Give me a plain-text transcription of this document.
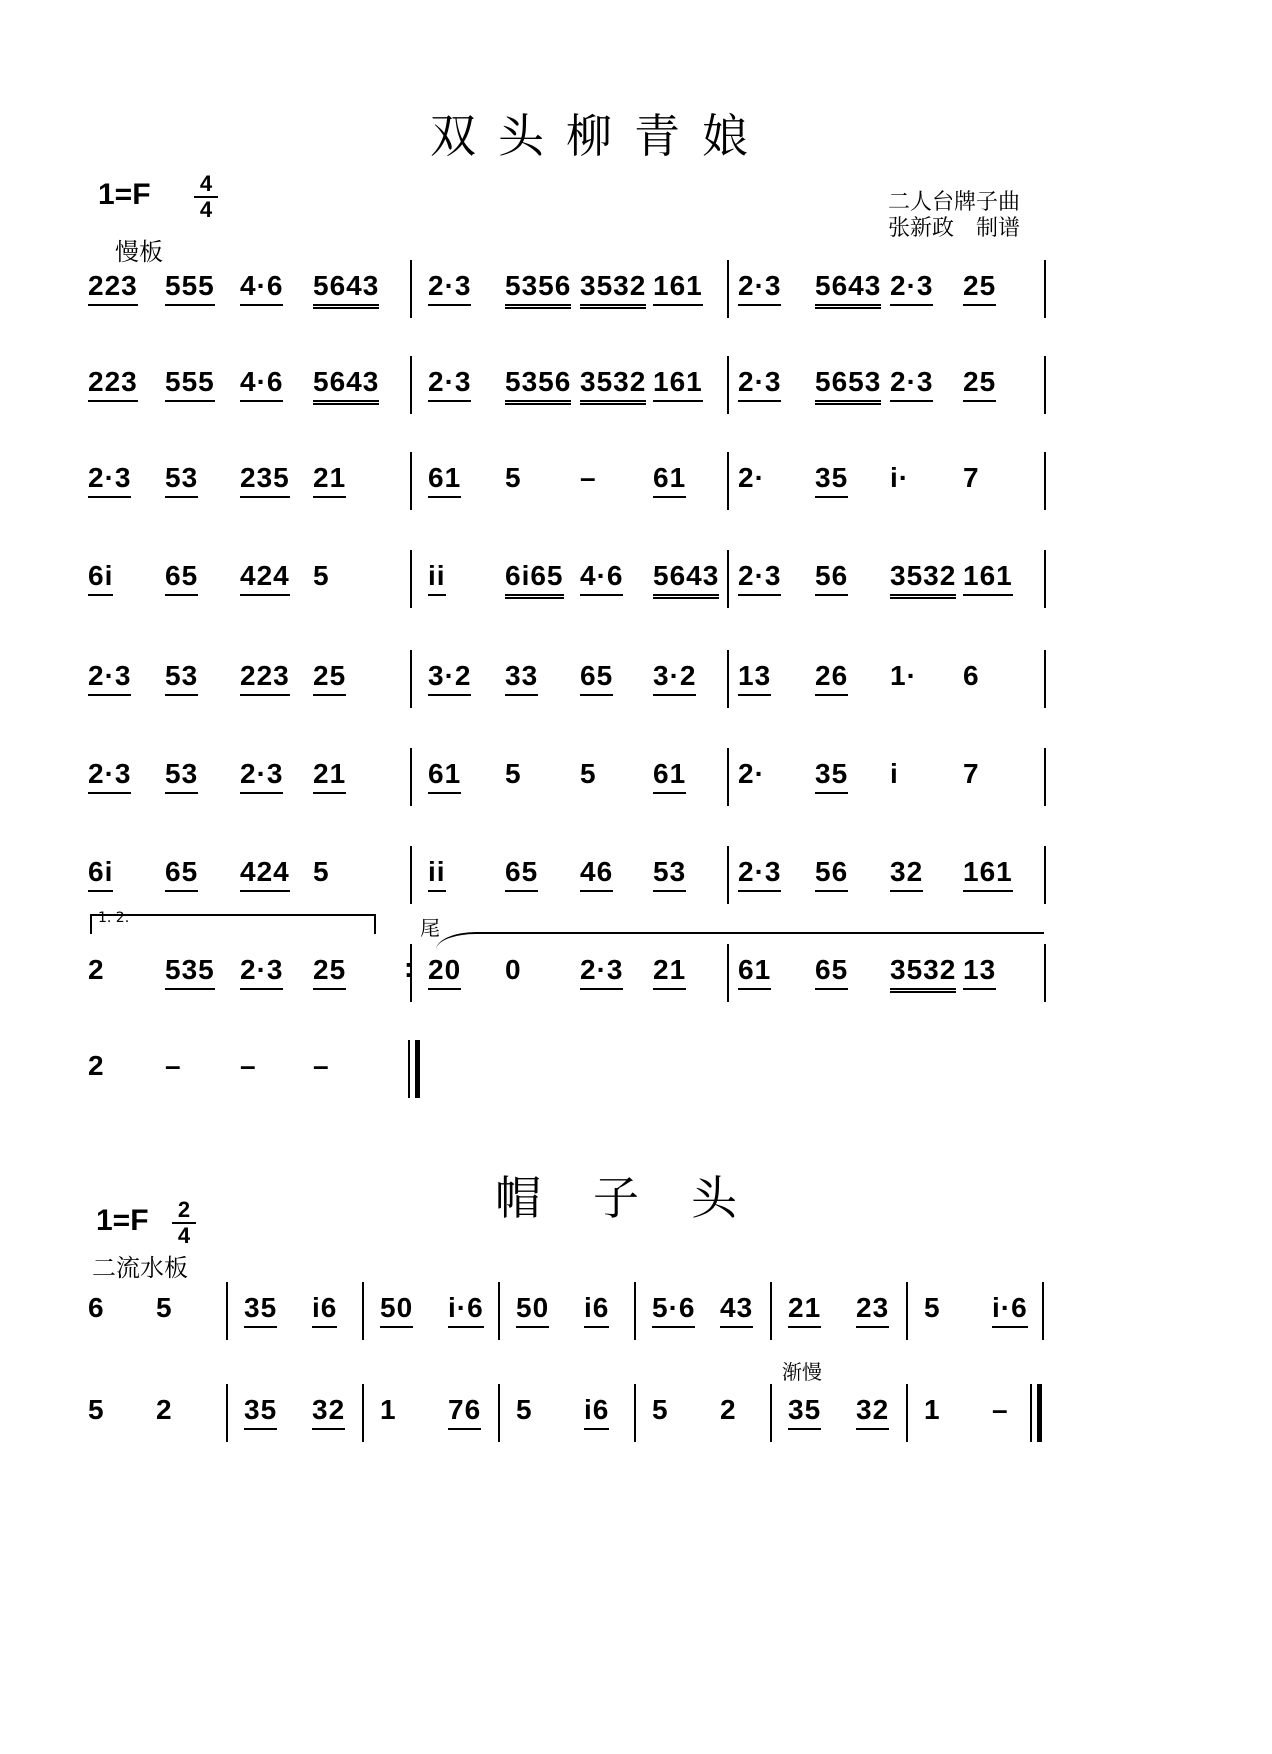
双头柳青娘
$1=F \frac{4}{4}$
慢板
二人台牌子曲
张新政　制谱
223 555 4·6 5643 2·3 5356 3532 161 2·3 5643 2·3 25
223 555 4·6 5643 2·3 5356 3532 161 2·3 5653 2·3 25
2·3 53 235 21	61 5 – 61 2· 35 i· 7
6i 65 424 5	ii 6i65 4·6 5643 2·3 56 3532 161
2·3 53 223 25	3·2 33 65 3·2 13 26 1· 6
2·3 53 2·3 21	61 5 5 61 2· 35 i 7
6i 65 424 5	ii 65 46 53 2·3 56 32 161
2 535 2·3 25	20 0 2·3 21 61 65 3532 13
:
2 – – –
1. 2.	尾
帽子头
$1=F \frac{2}{4}$
二流水板
渐慢
6 5	35 i6 50 i·6 50 i6 5·6 43 21 23 5 i·6
5 2	35 32 1 76 5 i6 5 2 35 32 1 –
